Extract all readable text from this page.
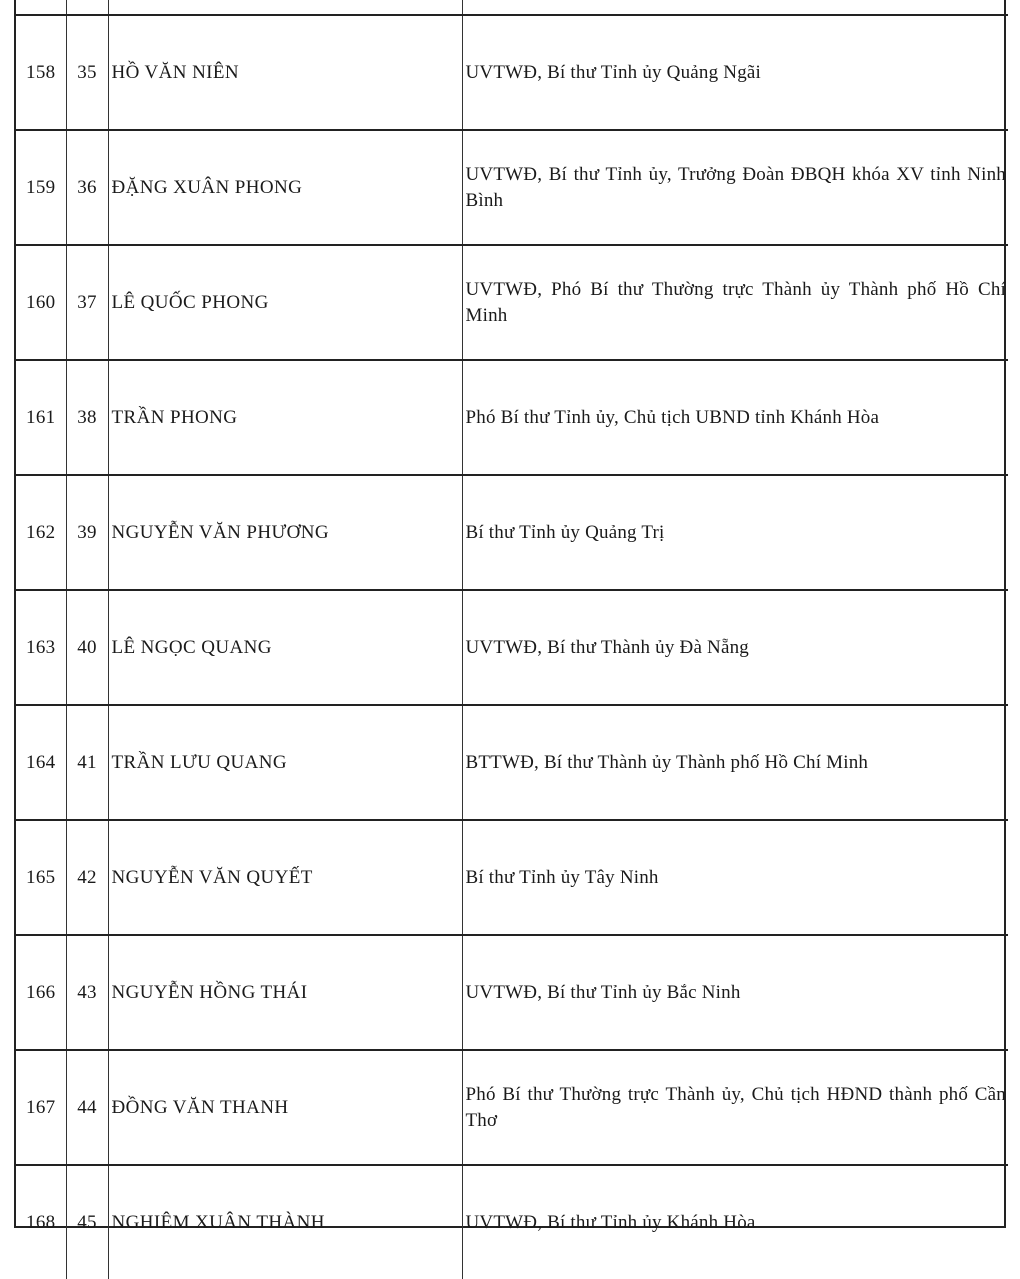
158	35	HỒ VĂN NIÊN	UVTWĐ, Bí thư Tỉnh ủy Quảng Ngãi
159	36	ĐẶNG XUÂN PHONG	UVTWĐ, Bí thư Tỉnh ủy, Trưởng Đoàn ĐBQH khóa XV tỉnh Ninh Bình
160	37	LÊ QUỐC PHONG	UVTWĐ, Phó Bí thư Thường trực Thành ủy Thành phố Hồ Chí Minh
161	38	TRẦN PHONG	Phó Bí thư Tỉnh ủy, Chủ tịch UBND tỉnh Khánh Hòa
162	39	NGUYỄN VĂN PHƯƠNG	Bí thư Tỉnh ủy Quảng Trị
163	40	LÊ NGỌC QUANG	UVTWĐ, Bí thư Thành ủy Đà Nẵng
164	41	TRẦN LƯU QUANG	BTTWĐ, Bí thư Thành ủy Thành phố Hồ Chí Minh
165	42	NGUYỄN VĂN QUYẾT	Bí thư Tỉnh ủy Tây Ninh
166	43	NGUYỄN HỒNG THÁI	UVTWĐ, Bí thư Tỉnh ủy Bắc Ninh
167	44	ĐỒNG VĂN THANH	Phó Bí thư Thường trực Thành ủy, Chủ tịch HĐND thành phố Cần Thơ
168	45	NGHIÊM XUÂN THÀNH	UVTWĐ, Bí thư Tỉnh ủy Khánh Hòa
